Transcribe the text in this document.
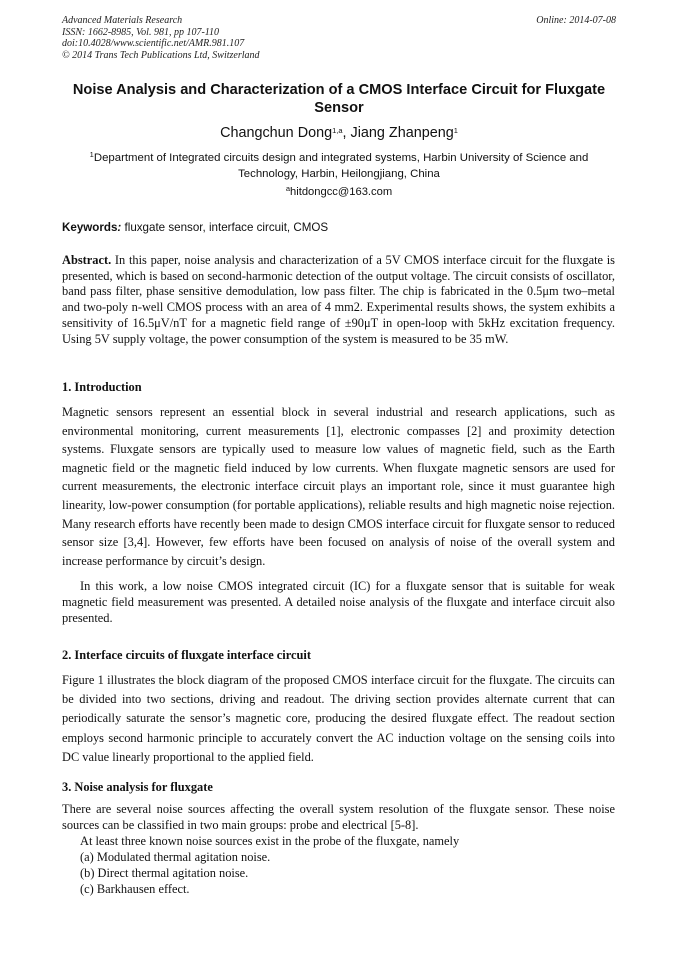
Advanced Materials Research
ISSN: 1662-8985, Vol. 981, pp 107-110
doi:10.4028/www.scientific.net/AMR.981.107
© 2014 Trans Tech Publications Ltd, Switzerland
Online: 2014-07-08
Noise Analysis and Characterization of a CMOS Interface Circuit for Fluxgate Sensor
Changchun Dong$^{1,a}$, Jiang Zhanpeng$^1$
$^1$Department of Integrated circuits design and integrated systems, Harbin University of Science and Technology, Harbin, Heilongjiang, China
$^a$hitdongcc@163.com
Keywords: fluxgate sensor, interface circuit, CMOS
Abstract. In this paper, noise analysis and characterization of a 5V CMOS interface circuit for the fluxgate is presented, which is based on second-harmonic detection of the output voltage. The circuit consists of oscillator, band pass filter, phase sensitive demodulation, low pass filter. The chip is fabricated in the 0.5μm two–metal and two-poly n-well CMOS process with an area of 4 mm2. Experimental results shows, the system exhibits a sensitivity of 16.5μV/nT for a magnetic field range of ±90μT in open-loop with 5kHz excitation frequency. Using 5V supply voltage, the power consumption of the system is measured to be 35 mW.
1. Introduction
Magnetic sensors represent an essential block in several industrial and research applications, such as environmental monitoring, current measurements [1], electronic compasses [2] and proximity detection systems. Fluxgate sensors are typically used to measure low values of magnetic field, such as the Earth magnetic field or the magnetic field induced by low currents. When fluxgate magnetic sensors are used for current measurements, the electronic interface circuit plays an important role, since it must guarantee high linearity, low-power consumption (for portable applications), reliable results and high magnetic noise rejection. Many research efforts have recently been made to design CMOS interface circuit for fluxgate sensor to reduced sensor size [3,4]. However, few efforts have been focused on analysis of noise of the overall system and increase performance by circuit’s design.
In this work, a low noise CMOS integrated circuit (IC) for a fluxgate sensor that is suitable for weak magnetic field measurement was presented. A detailed noise analysis of the fluxgate and interface circuit also presented.
2. Interface circuits of fluxgate interface circuit
Figure 1 illustrates the block diagram of the proposed CMOS interface circuit for the fluxgate. The circuits can be divided into two sections, driving and readout. The driving section provides alternate current that can periodically saturate the sensor’s magnetic core, producing the desired fluxgate effect. The readout section employs second harmonic principle to accurately convert the AC induction voltage on the sensing coils into DC value linearly proportional to the applied field.
3. Noise analysis for fluxgate
There are several noise sources affecting the overall system resolution of the fluxgate sensor. These noise sources can be classified in two main groups: probe and electrical [5-8].
At least three known noise sources exist in the probe of the fluxgate, namely
(a) Modulated thermal agitation noise.
(b) Direct thermal agitation noise.
(c) Barkhausen effect.
